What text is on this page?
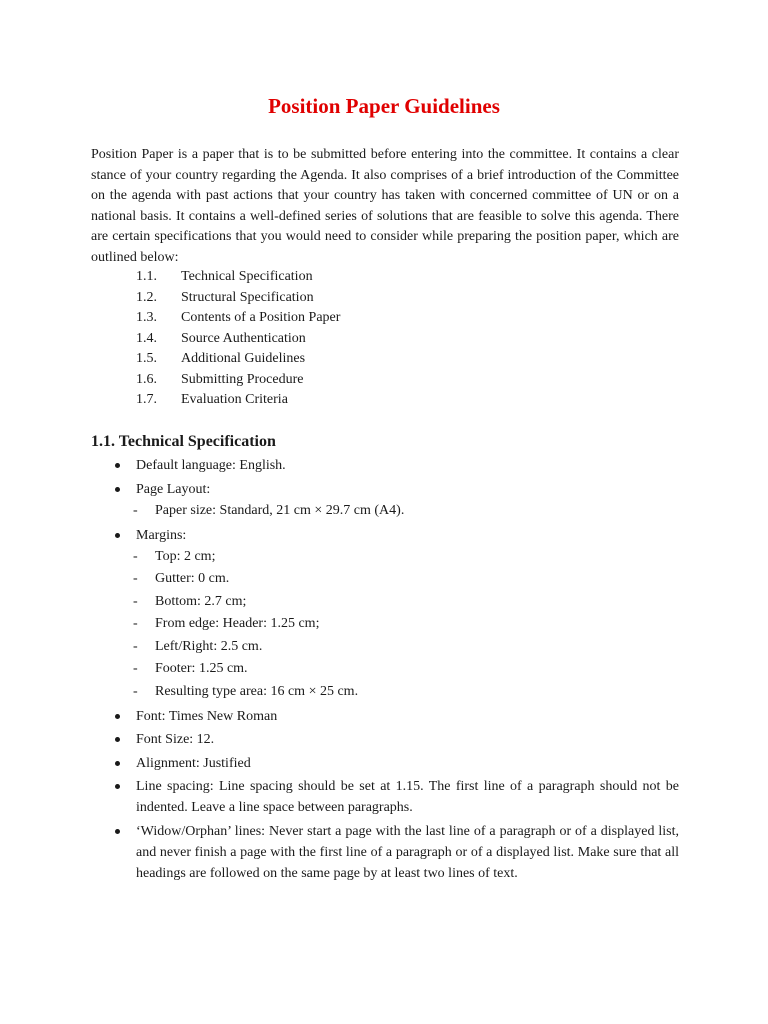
Position Paper Guidelines

Position Paper is a paper that is to be submitted before entering into the committee. It contains a clear stance of your country regarding the Agenda. It also comprises of a brief introduction of the Committee on the agenda with past actions that your country has taken with concerned committee of UN or on a national basis. It contains a well-defined series of solutions that are feasible to solve this agenda. There are certain specifications that you would need to consider while preparing the position paper, which are outlined below:

1.1. Technical Specification
1.2. Structural Specification
1.3. Contents of a Position Paper
1.4. Source Authentication
1.5. Additional Guidelines
1.6. Submitting Procedure
1.7. Evaluation Criteria
1.1. Technical Specification
Default language: English.
Page Layout:
- Paper size: Standard, 21 cm × 29.7 cm (A4).
Margins:
- Top: 2 cm;
- Gutter: 0 cm.
- Bottom: 2.7 cm;
- From edge: Header: 1.25 cm;
- Left/Right: 2.5 cm.
- Footer: 1.25 cm.
- Resulting type area: 16 cm × 25 cm.
Font: Times New Roman
Font Size: 12.
Alignment: Justified
Line spacing: Line spacing should be set at 1.15. The first line of a paragraph should not be indented. Leave a line space between paragraphs.
‘Widow/Orphan’ lines: Never start a page with the last line of a paragraph or of a displayed list, and never finish a page with the first line of a paragraph or of a displayed list. Make sure that all headings are followed on the same page by at least two lines of text.
